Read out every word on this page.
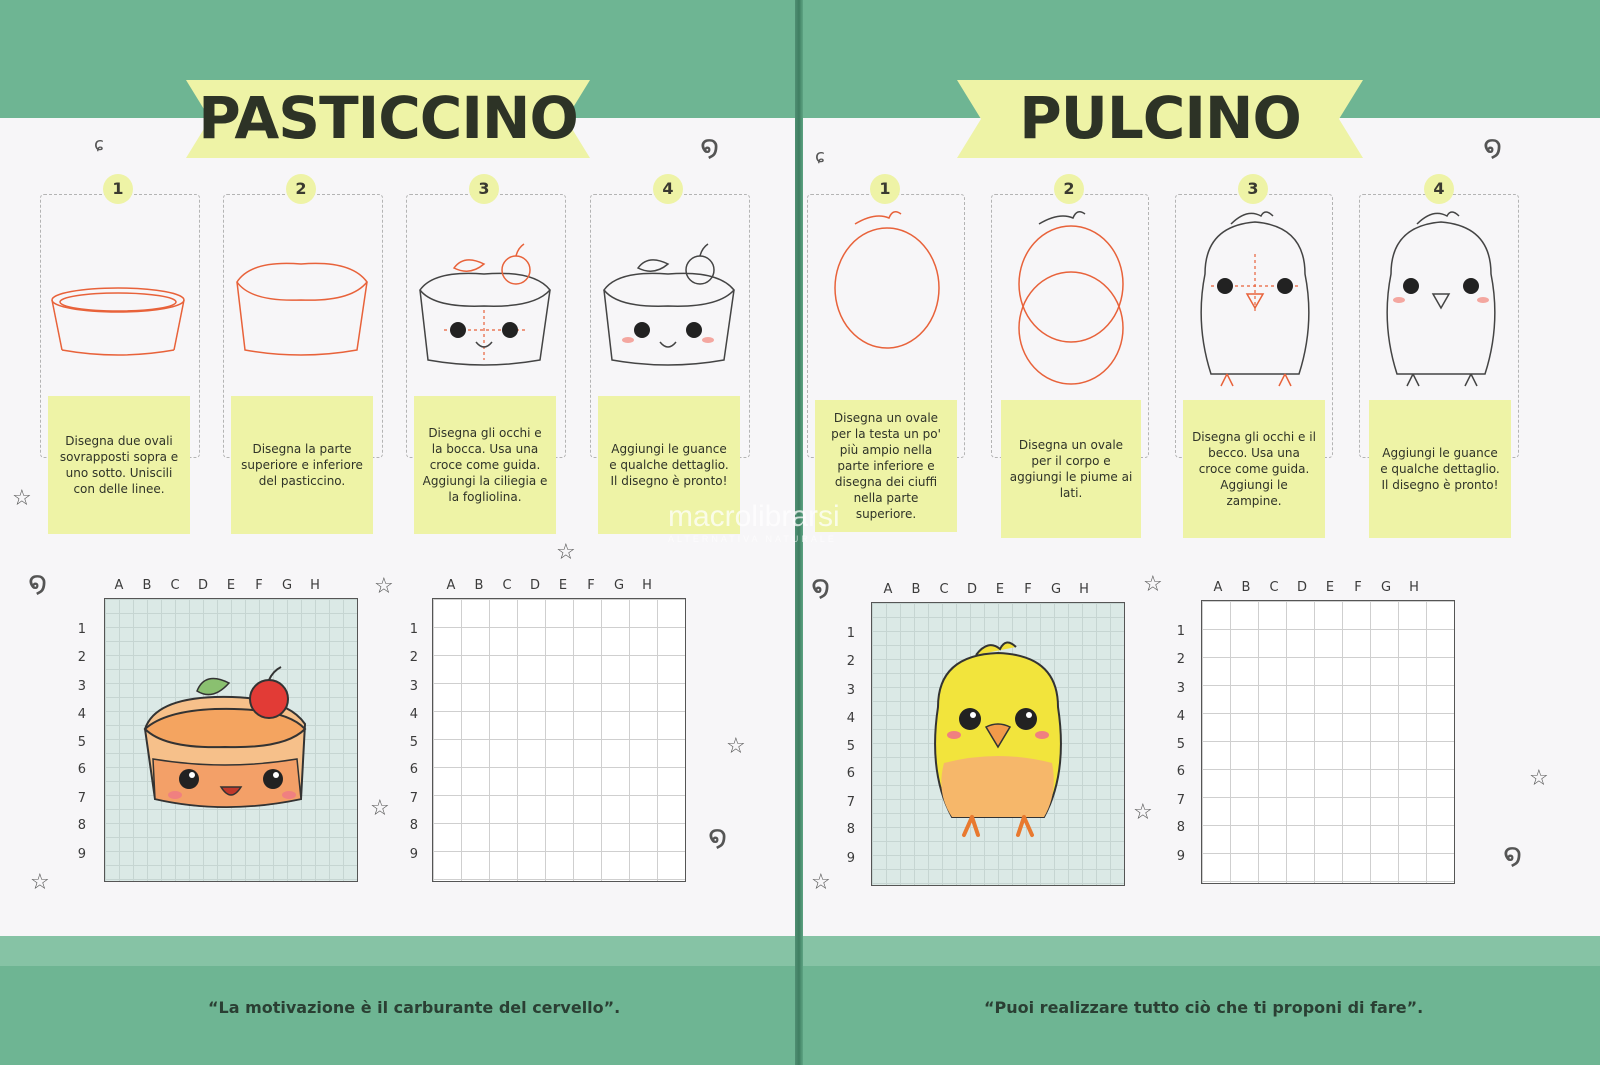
PASTICCINO
1
Disegna due ovali sovrapposti sopra e uno sotto. Uniscili con delle linee.
2
Disegna la parte superiore e inferiore del pasticcino.
3
Disegna gli occhi e la bocca. Usa una croce come guida. Aggiungi la ciliegia e la fogliolina.
4
Aggiungi le guance e qualche dettaglio. Il disegno è pronto!
A	B	C	D	E	F	G	H
1
2
3
4
5
6
7
8
9
A	B	C	D	E	F	G	H
1
2
3
4
5
6
7
8
9
“La motivazione è il carburante del cervello”.
☆
☆
☆
☆
☆
☆
ɕ
໑
໑
໑
PULCINO
1
Disegna un ovale per la testa un po' più ampio nella parte inferiore e disegna dei ciuffi nella parte superiore.
2
Disegna un ovale per il corpo e aggiungi le piume ai lati.
3
Disegna gli occhi e il becco. Usa una croce come guida. Aggiungi le zampine.
4
Aggiungi le guance e qualche dettaglio. Il disegno è pronto!
A	B	C	D	E	F	G	H
1
2
3
4
5
6
7
8
9
A	B	C	D	E	F	G	H
1
2
3
4
5
6
7
8
9
“Puoi realizzare tutto ciò che ti proponi di fare”.
☆
☆
☆
☆
ɕ	໑
໑
໑
macrolibrarsi
ALTERNATIVA NATURALE
